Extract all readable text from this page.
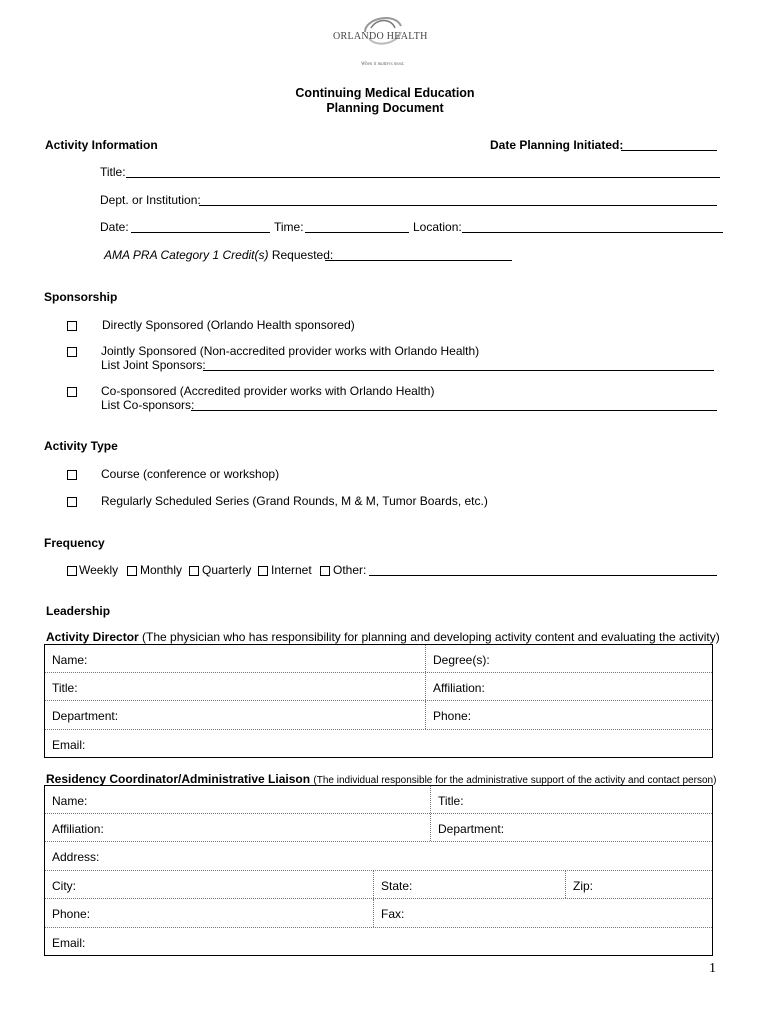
ORLANDO HEALTH
When it matters most.
Continuing Medical Education
Planning Document
Activity Information	Date Planning Initiated:
Title:
Dept. or Institution:
Date:	Time:	Location:
AMA PRA Category 1 Credit(s) Requested:
Sponsorship
Directly Sponsored (Orlando Health sponsored)
Jointly Sponsored (Non-accredited provider works with Orlando Health)
List Joint Sponsors:
Co-sponsored (Accredited provider works with Orlando Health)
List Co-sponsors:
Activity Type
Course (conference or workshop)
Regularly Scheduled Series (Grand Rounds, M & M, Tumor Boards, etc.)
Frequency
Weekly Monthly Quarterly Internet Other:
Leadership
Activity Director (The physician who has responsibility for planning and developing activity content and evaluating the activity)
Name:	Degree(s):
Title:	Affiliation:
Department:	Phone:
Email:
Residency Coordinator/Administrative Liaison (The individual responsible for the administrative support of the activity and contact person)
Name:	Title:
Affiliation:	Department:
Address:
City:	State:	Zip:
Phone:	Fax:
Email:
1
